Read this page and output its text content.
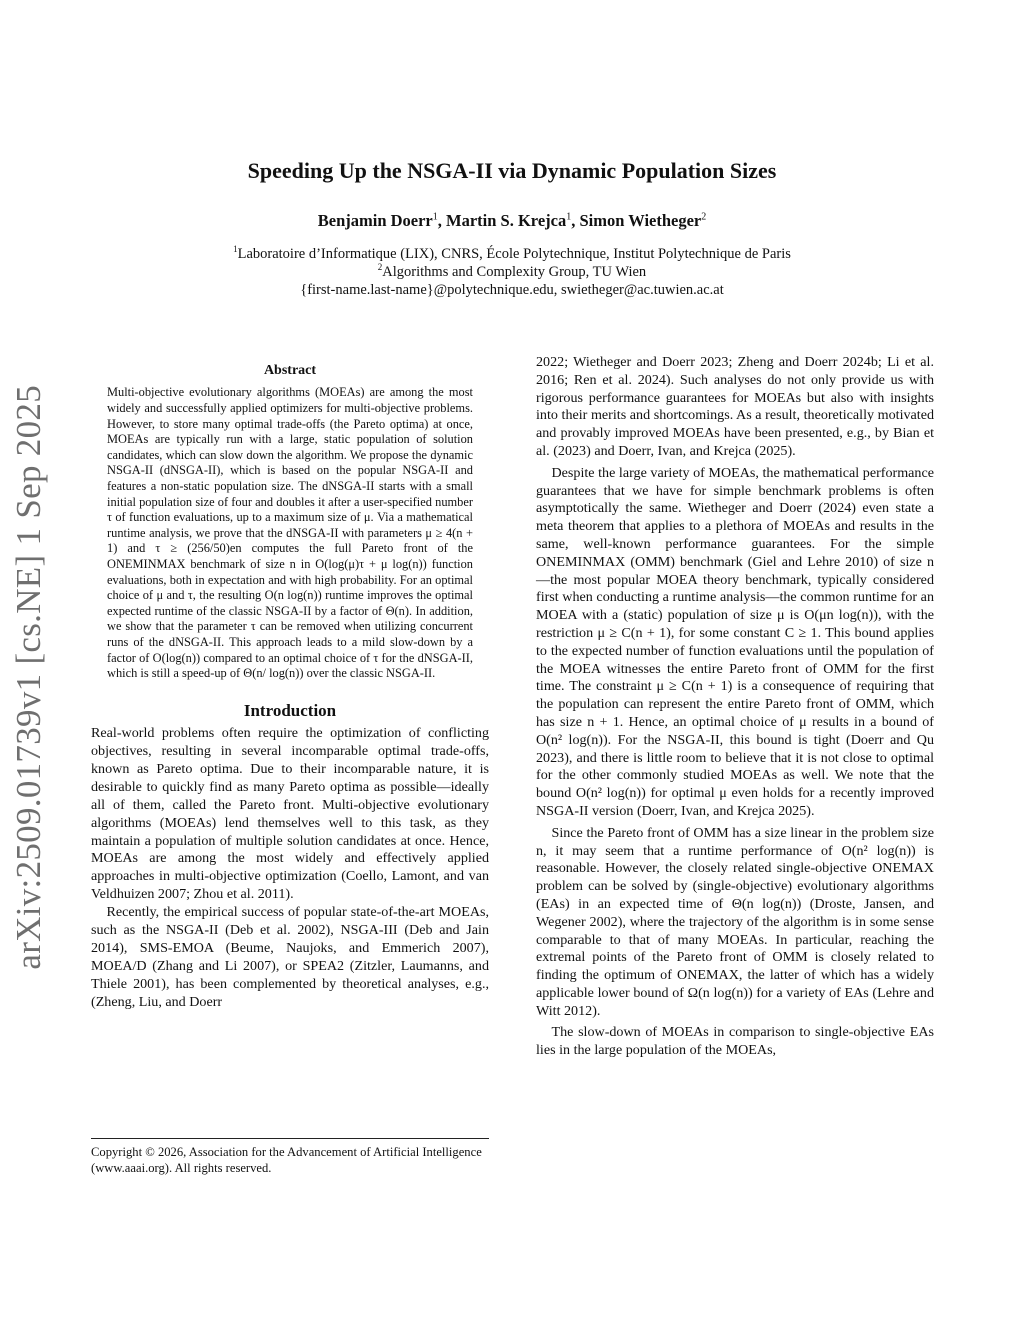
arXiv:2509.01739v1 [cs.NE] 1 Sep 2025
Speeding Up the NSGA-II via Dynamic Population Sizes
Benjamin Doerr$^1$, Martin S. Krejca$^1$, Simon Wietheger$^2$
$^1$Laboratoire d’Informatique (LIX), CNRS, École Polytechnique, Institut Polytechnique de Paris
$^2$Algorithms and Complexity Group, TU Wien
{first-name.last-name}@polytechnique.edu, swietheger@ac.tuwien.ac.at
Abstract

Multi-objective evolutionary algorithms (MOEAs) are among the most widely and successfully applied optimizers for multi-objective problems. However, to store many optimal trade-offs (the Pareto optima) at once, MOEAs are typically run with a large, static population of solution candidates, which can slow down the algorithm. We propose the dynamic NSGA-II (dNSGA-II), which is based on the popular NSGA-II and features a non-static population size. The dNSGA-II starts with a small initial population size of four and doubles it after a user-specified number τ of function evaluations, up to a maximum size of μ. Via a mathematical runtime analysis, we prove that the dNSGA-II with parameters μ ≥ 4(n + 1) and τ ≥ (256/50)en computes the full Pareto front of the ONEMINMAX benchmark of size n in O(log(μ)τ + μ log(n)) function evaluations, both in expectation and with high probability. For an optimal choice of μ and τ, the resulting O(n log(n)) runtime improves the optimal expected runtime of the classic NSGA-II by a factor of Θ(n). In addition, we show that the parameter τ can be removed when utilizing concurrent runs of the dNSGA-II. This approach leads to a mild slow-down by a factor of O(log(n)) compared to an optimal choice of τ for the dNSGA-II, which is still a speed-up of Θ(n/ log(n)) over the classic NSGA-II.

Introduction

Real-world problems often require the optimization of conflicting objectives, resulting in several incomparable optimal trade-offs, known as Pareto optima. Due to their incomparable nature, it is desirable to quickly find as many Pareto optima as possible—ideally all of them, called the Pareto front. Multi-objective evolutionary algorithms (MOEAs) lend themselves well to this task, as they maintain a population of multiple solution candidates at once. Hence, MOEAs are among the most widely and effectively applied approaches in multi-objective optimization (Coello, Lamont, and van Veldhuizen 2007; Zhou et al. 2011).

Recently, the empirical success of popular state-of-the-art MOEAs, such as the NSGA-II (Deb et al. 2002), NSGA-III (Deb and Jain 2014), SMS-EMOA (Beume, Naujoks, and Emmerich 2007), MOEA/D (Zhang and Li 2007), or SPEA2 (Zitzler, Laumanns, and Thiele 2001), has been complemented by theoretical analyses, e.g., (Zheng, Liu, and Doerr

2022; Wietheger and Doerr 2023; Zheng and Doerr 2024b; Li et al. 2016; Ren et al. 2024). Such analyses do not only provide us with rigorous performance guarantees for MOEAs but also with insights into their merits and shortcomings. As a result, theoretically motivated and provably improved MOEAs have been presented, e.g., by Bian et al. (2023) and Doerr, Ivan, and Krejca (2025).

Despite the large variety of MOEAs, the mathematical performance guarantees that we have for simple benchmark problems is often asymptotically the same. Wietheger and Doerr (2024) even state a meta theorem that applies to a plethora of MOEAs and results in the same, well-known performance guarantees. For the simple ONEMINMAX (OMM) benchmark (Giel and Lehre 2010) of size n—the most popular MOEA theory benchmark, typically considered first when conducting a runtime analysis—the common runtime for an MOEA with a (static) population of size μ is O(μn log(n)), with the restriction μ ≥ C(n + 1), for some constant C ≥ 1. This bound applies to the expected number of function evaluations until the population of the MOEA witnesses the entire Pareto front of OMM for the first time. The constraint μ ≥ C(n + 1) is a consequence of requiring that the population can represent the entire Pareto front of OMM, which has size n + 1. Hence, an optimal choice of μ results in a bound of O(n² log(n)). For the NSGA-II, this bound is tight (Doerr and Qu 2023), and there is little room to believe that it is not close to optimal for the other commonly studied MOEAs as well. We note that the bound O(n² log(n)) for optimal μ even holds for a recently improved NSGA-II version (Doerr, Ivan, and Krejca 2025).

Since the Pareto front of OMM has a size linear in the problem size n, it may seem that a runtime performance of O(n² log(n)) is reasonable. However, the closely related single-objective ONEMAX problem can be solved by (single-objective) evolutionary algorithms (EAs) in an expected time of Θ(n log(n)) (Droste, Jansen, and Wegener 2002), where the trajectory of the algorithm is in some sense comparable to that of many MOEAs. In particular, reaching the extremal points of the Pareto front of OMM is closely related to finding the optimum of ONEMAX, the latter of which has a widely applicable lower bound of Ω(n log(n)) for a variety of EAs (Lehre and Witt 2012).

The slow-down of MOEAs in comparison to single-objective EAs lies in the large population of the MOEAs,

Copyright © 2026, Association for the Advancement of Artificial Intelligence (www.aaai.org). All rights reserved.
